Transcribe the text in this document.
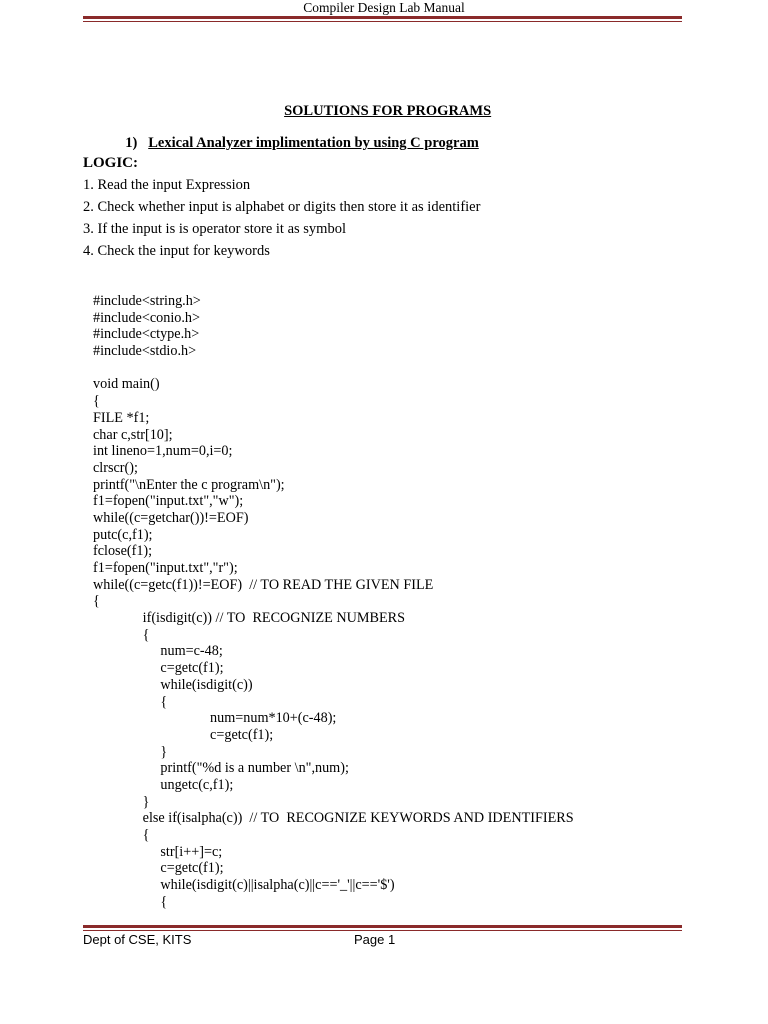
Compiler Design Lab Manual

SOLUTIONS FOR PROGRAMS

1) Lexical Analyzer implimentation by using C program

LOGIC:
1. Read the input Expression
2. Check whether input is alphabet or digits then store it as identifier
3. If the input is is operator store it as symbol
4. Check the input for keywords
#include<string.h>
#include<conio.h>
#include<ctype.h>
#include<stdio.h>
void main()
{
FILE *f1;
char c,str[10];
int lineno=1,num=0,i=0;
clrscr();
printf("\nEnter the c program\n");
f1=fopen("input.txt","w");
while((c=getchar())!=EOF)
putc(c,f1);
fclose(f1);
f1=fopen("input.txt","r");
while((c=getc(f1))!=EOF)  // TO READ THE GIVEN FILE
{
if(isdigit(c)) // TO  RECOGNIZE NUMBERS
{
num=c-48;
c=getc(f1);
while(isdigit(c))
{
num=num*10+(c-48);
c=getc(f1);
}
printf("%d is a number \n",num);
ungetc(c,f1);
}
else if(isalpha(c))  // TO  RECOGNIZE KEYWORDS AND IDENTIFIERS
{
str[i++]=c;
c=getc(f1);
while(isdigit(c)||isalpha(c)||c=='_'||c=='$')
{
Dept of CSE, KITS	Page 1
